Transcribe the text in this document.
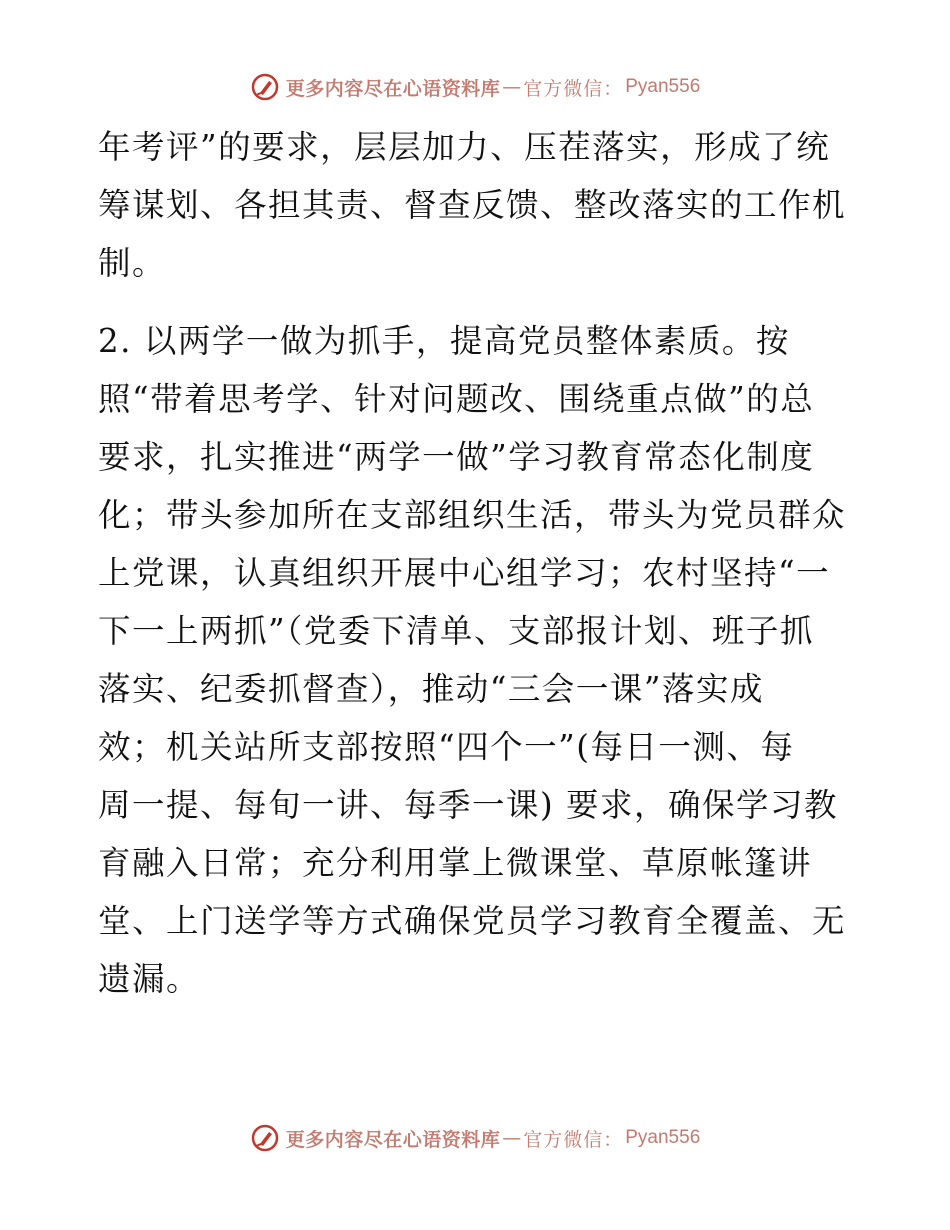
更多内容尽在心语资料库 — 官方微信： Pyan556
年考评”的要求，层层加力、压茬落实，形成了统
筹谋划、各担其责、督查反馈、整改落实的工作机
制。
2. 以两学一做为抓手，提高党员整体素质。按
照“带着思考学、针对问题改、围绕重点做”的总
要求，扎实推进“两学一做”学习教育常态化制度
化；带头参加所在支部组织生活，带头为党员群众
上党课，认真组织开展中心组学习；农村坚持“一
下一上两抓”（党委下清单、支部报计划、班子抓
落实、纪委抓督查），推动“三会一课”落实成
效；机关站所支部按照“四个一”(每日一测、每
周一提、每旬一讲、每季一课) 要求，确保学习教
育融入日常；充分利用掌上微课堂、草原帐篷讲
堂、上门送学等方式确保党员学习教育全覆盖、无
遗漏。
更多内容尽在心语资料库 — 官方微信： Pyan556
